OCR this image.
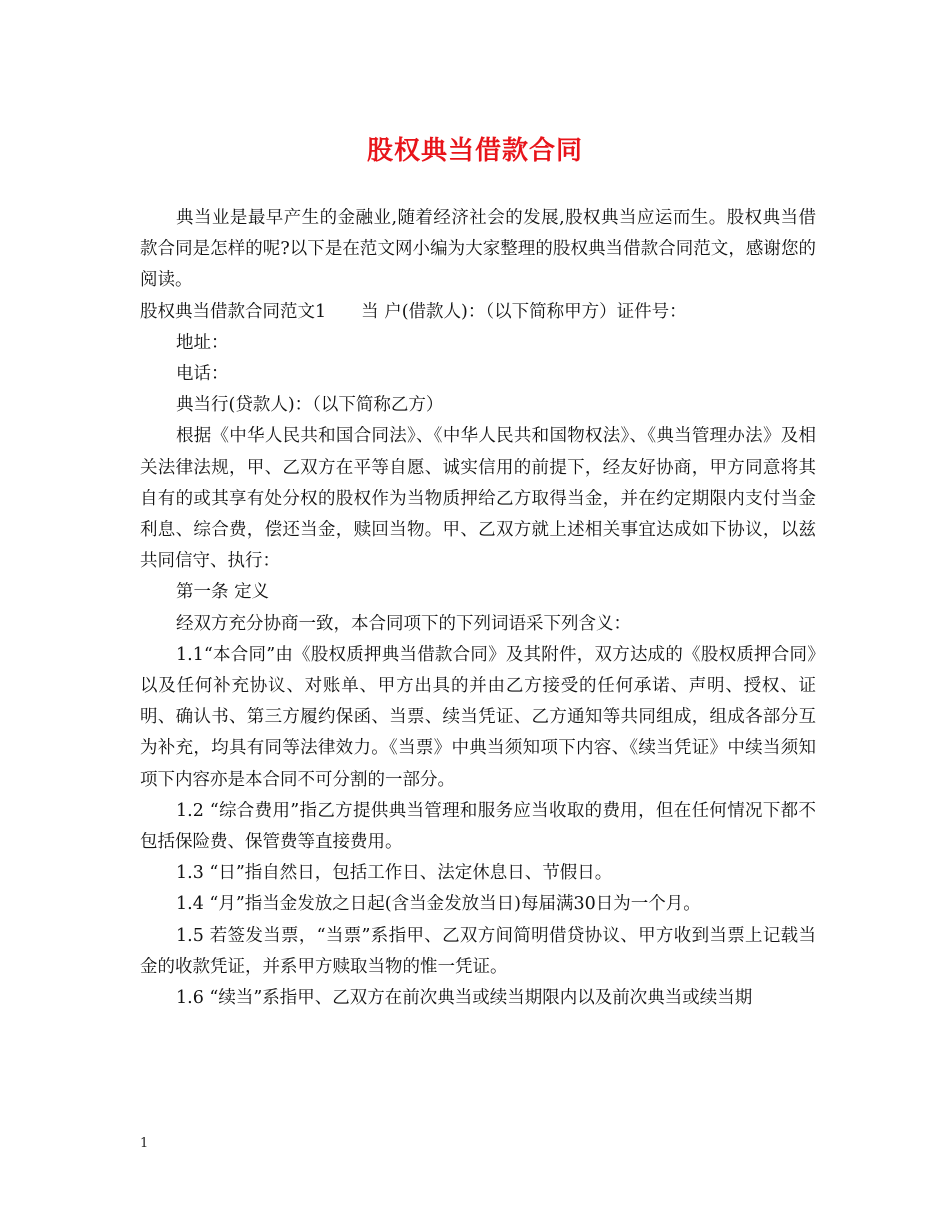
股权典当借款合同

典当业是最早产生的金融业,随着经济社会的发展,股权典当应运而生。股权典当借款合同是怎样的呢?以下是在范文网小编为大家整理的股权典当借款合同范文，感谢您的阅读。

股权典当借款合同范文1　　当 户(借款人)：（以下简称甲方）证件号：

地址：

电话：

典当行(贷款人)：（以下简称乙方）

根据《中华人民共和国合同法》、《中华人民共和国物权法》、《典当管理办法》及相关法律法规，甲、乙双方在平等自愿、诚实信用的前提下，经友好协商，甲方同意将其自有的或其享有处分权的股权作为当物质押给乙方取得当金，并在约定期限内支付当金利息、综合费，偿还当金，赎回当物。甲、乙双方就上述相关事宜达成如下协议，以兹共同信守、执行：

第一条 定义

经双方充分协商一致，本合同项下的下列词语采下列含义：

1.1“本合同”由《股权质押典当借款合同》及其附件，双方达成的《股权质押合同》以及任何补充协议、对账单、甲方出具的并由乙方接受的任何承诺、声明、授权、证明、确认书、第三方履约保函、当票、续当凭证、乙方通知等共同组成，组成各部分互为补充，均具有同等法律效力。《当票》中典当须知项下内容、《续当凭证》中续当须知项下内容亦是本合同不可分割的一部分。

1.2 “综合费用”指乙方提供典当管理和服务应当收取的费用，但在任何情况下都不包括保险费、保管费等直接费用。

1.3 “日”指自然日，包括工作日、法定休息日、节假日。

1.4 “月”指当金发放之日起(含当金发放当日)每届满30日为一个月。

1.5 若签发当票，“当票”系指甲、乙双方间简明借贷协议、甲方收到当票上记载当金的收款凭证，并系甲方赎取当物的惟一凭证。

1.6 “续当”系指甲、乙双方在前次典当或续当期限内以及前次典当或续当期

1
